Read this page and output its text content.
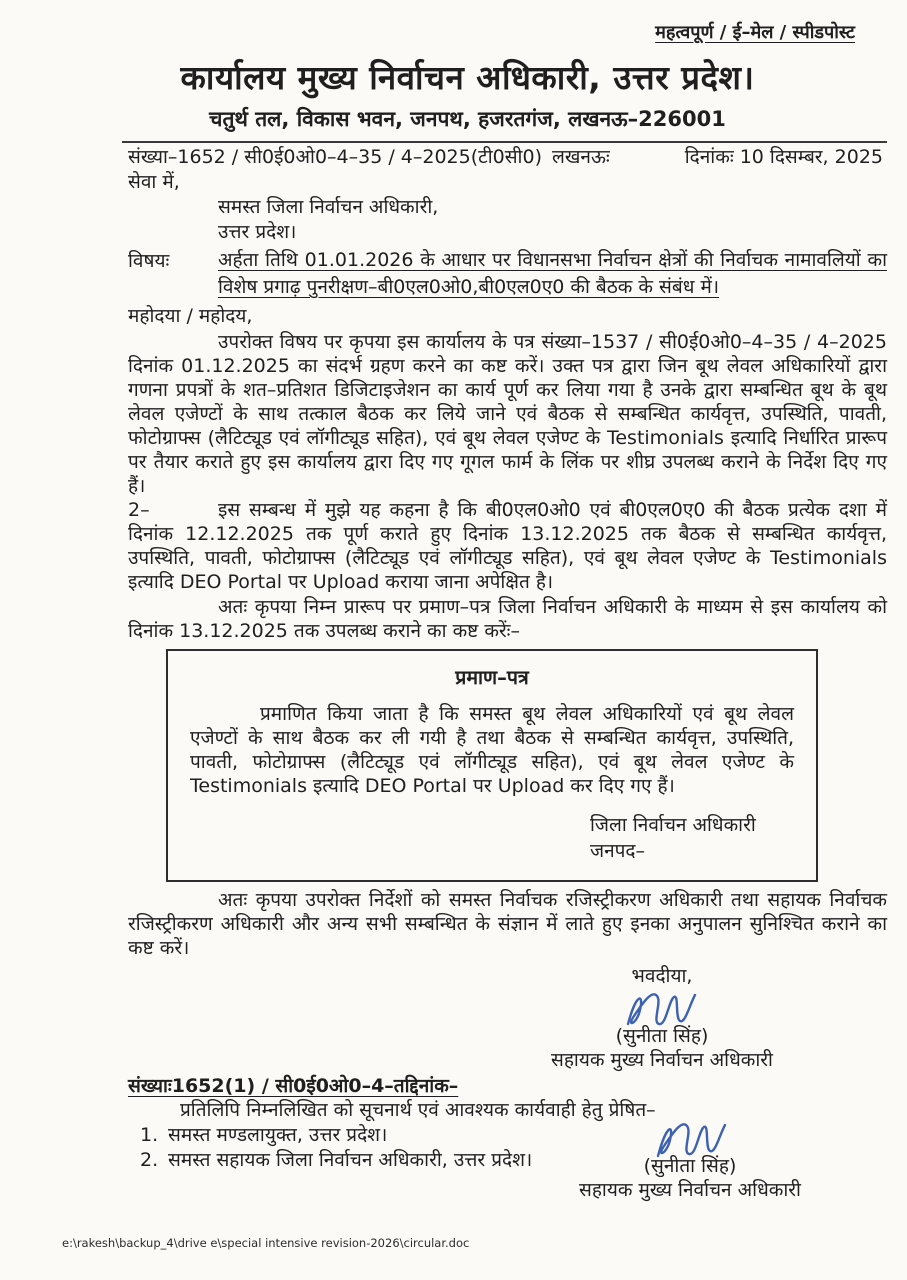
महत्वपूर्ण / ई–मेल / स्पीडपोस्ट
कार्यालय मुख्य निर्वाचन अधिकारी, उत्तर प्रदेश।
चतुर्थ तल, विकास भवन, जनपथ, हजरतगंज, लखनऊ–226001
संख्या–1652 / सी0ई0ओ0–4–35 / 4–2025(टी0सी0) लखनऊः	दिनांकः 10 दिसम्बर, 2025
सेवा में,
समस्त जिला निर्वाचन अधिकारी,
उत्तर प्रदेश।
विषयः	अर्हता तिथि 01.01.2026 के आधार पर विधानसभा निर्वाचन क्षेत्रों की निर्वाचक नामावलियों का विशेष प्रगाढ़ पुनरीक्षण–बी0एल0ओ0,बी0एल0ए0 की बैठक के संबंध में।
महोदया / महोदय,
उपरोक्त विषय पर कृपया इस कार्यालय के पत्र संख्या–1537 / सी0ई0ओ0–4–35 / 4–2025 दिनांक 01.12.2025 का संदर्भ ग्रहण करने का कष्ट करें। उक्त पत्र द्वारा जिन बूथ लेवल अधिकारियों द्वारा गणना प्रपत्रों के शत–प्रतिशत डिजिटाइजेशन का कार्य पूर्ण कर लिया गया है उनके द्वारा सम्बन्धित बूथ के बूथ लेवल एजेण्टों के साथ तत्काल बैठक कर लिये जाने एवं बैठक से सम्बन्धित कार्यवृत्त, उपस्थिति, पावती, फोटोग्राफ्स (लैटिट्यूड एवं लॉगीट्यूड सहित), एवं बूथ लेवल एजेण्ट के Testimonials इत्यादि निर्धारित प्रारूप पर तैयार कराते हुए इस कार्यालय द्वारा दिए गए गूगल फार्म के लिंक पर शीघ्र उपलब्ध कराने के निर्देश दिए गए हैं।
2–	इस सम्बन्ध में मुझे यह कहना है कि बी0एल0ओ0 एवं बी0एल0ए0 की बैठक प्रत्येक दशा में दिनांक 12.12.2025 तक पूर्ण कराते हुए दिनांक 13.12.2025 तक बैठक से सम्बन्धित कार्यवृत्त, उपस्थिति, पावती, फोटोग्राफ्स (लैटिट्यूड एवं लॉगीट्यूड सहित), एवं बूथ लेवल एजेण्ट के Testimonials इत्यादि DEO Portal पर Upload कराया जाना अपेक्षित है।
अतः कृपया निम्न प्रारूप पर प्रमाण–पत्र जिला निर्वाचन अधिकारी के माध्यम से इस कार्यालय को दिनांक 13.12.2025 तक उपलब्ध कराने का कष्ट करेंः–
प्रमाण–पत्र
प्रमाणित किया जाता है कि समस्त बूथ लेवल अधिकारियों एवं बूथ लेवल एजेण्टों के साथ बैठक कर ली गयी है तथा बैठक से सम्बन्धित कार्यवृत्त, उपस्थिति, पावती, फोटोग्राफ्स (लैटिट्यूड एवं लॉगीट्यूड सहित), एवं बूथ लेवल एजेण्ट के Testimonials इत्यादि DEO Portal पर Upload कर दिए गए हैं।
जिला निर्वाचन अधिकारी
जनपद–
अतः कृपया उपरोक्त निर्देशों को समस्त निर्वाचक रजिस्ट्रीकरण अधिकारी तथा सहायक निर्वाचक रजिस्ट्रीकरण अधिकारी और अन्य सभी सम्बन्धित के संज्ञान में लाते हुए इनका अनुपालन सुनिश्चित कराने का कष्ट करें।
भवदीया,
(सुनीता सिंह)
सहायक मुख्य निर्वाचन अधिकारी
संख्याः1652(1) / सी0ई0ओ0–4–तद्दिनांक–
प्रतिलिपि निम्नलिखित को सूचनार्थ एवं आवश्यक कार्यवाही हेतु प्रेषित–
1. समस्त मण्डलायुक्त, उत्तर प्रदेश।
2. समस्त सहायक जिला निर्वाचन अधिकारी, उत्तर प्रदेश।	(सुनीता सिंह)
सहायक मुख्य निर्वाचन अधिकारी
e:\rakesh\backup_4\drive e\special intensive revision-2026\circular.doc
